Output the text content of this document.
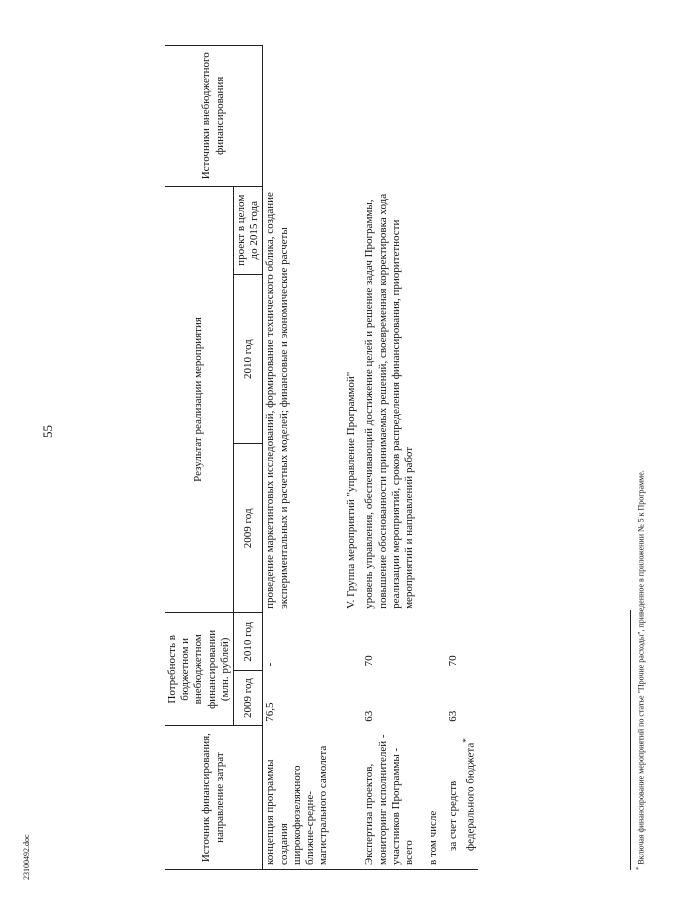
55
23100492.doc	Источник финансирования, направление затрат	Потребность в бюджетном и внебюджетном финансировании (млн. рублей)		Результат реализации мероприятия			Источники внебюджетного финансирования
	2009 год	2010 год	2009 год	2010 год	проект в целом до 2015 года	
концепция программы создания широкофюзеляжного ближне-средне-магистрального самолета	76,5	-	проведение маркетинговых исследований, формирование технического облика, создание экспериментальных и расчетных моделей; финансовые и экономические расчеты			
			V. Группа мероприятий "управление Программой"			
Экспертиза проектов, мониторинг исполнителей - участников Программы - всего	63	70	уровень управления, обеспечивающий достижение целей и решение задач Программы, повышение обоснованности принимаемых решений, своевременная корректировка хода реализации мероприятий, сроков распределения финансирования, приоритетности мероприятий и направлений работ			
в том числе						
за счет средств федерального бюджета*	63	70				
* Включая финансирование мероприятий по статье "Прочие расходы", приведенное в приложении № 5 к Программе.
